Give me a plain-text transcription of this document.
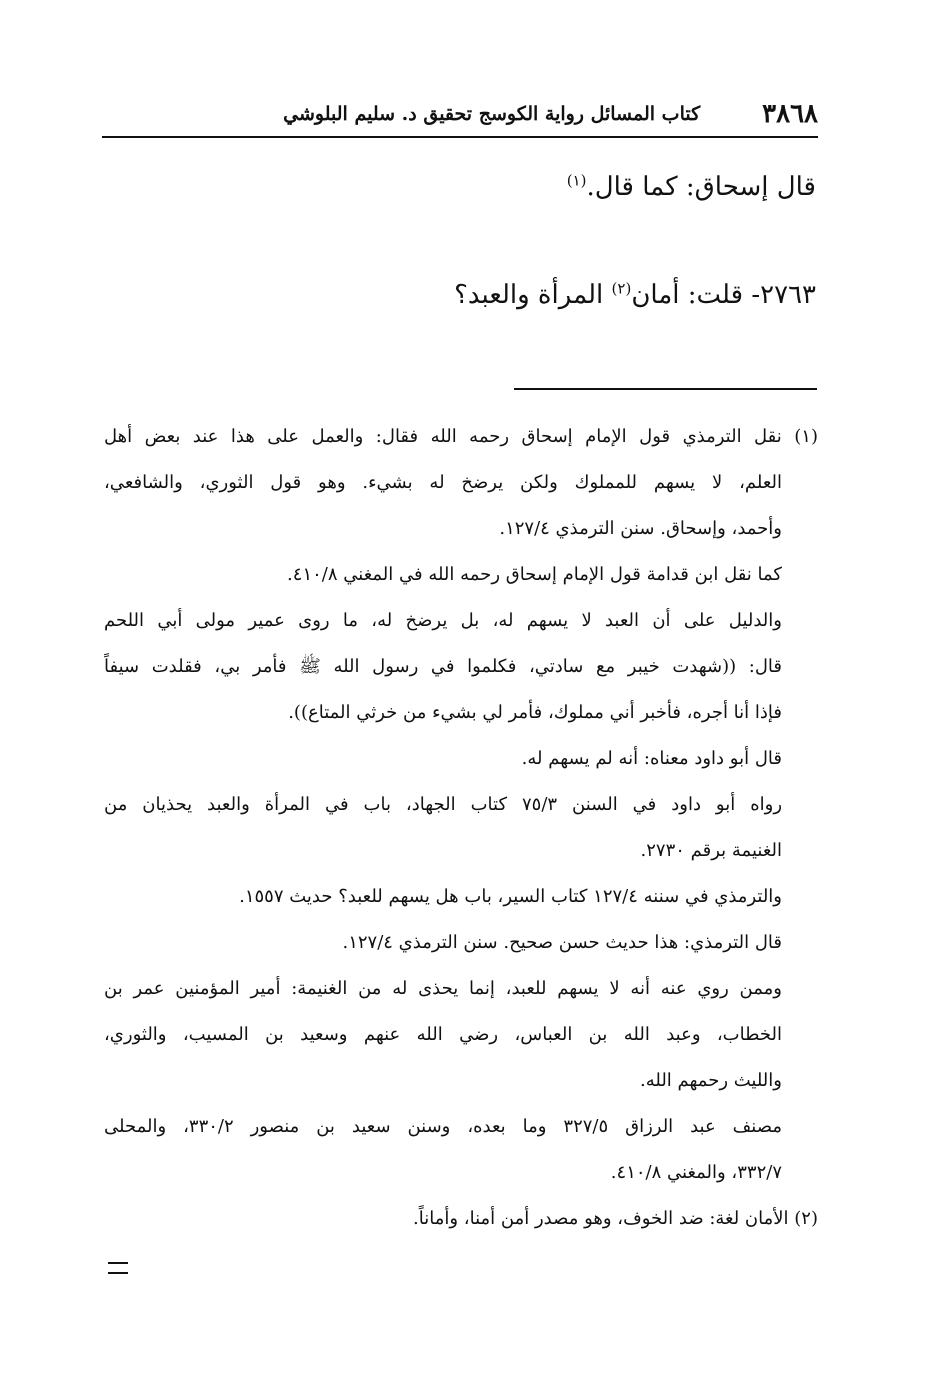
٣٨٦٨
كتاب المسائل رواية الكوسج تحقيق د. سليم البلوشي
قال إسحاق: كما قال.$^{(١)}$
٢٧٦٣- قلت: أمان$^{(٢)}$ المرأة والعبد؟
(١) نقل الترمذي قول الإمام إسحاق رحمه الله فقال: والعمل على هذا عند بعض أهل
العلم، لا يسهم للمملوك ولكن يرضخ له بشيء. وهو قول الثوري، والشافعي،
وأحمد، وإسحاق. سنن الترمذي ١٢٧/٤.
كما نقل ابن قدامة قول الإمام إسحاق رحمه الله في المغني ٤١٠/٨.
والدليل على أن العبد لا يسهم له، بل يرضخ له، ما روى عمير مولى أبي اللحم
قال: ((شهدت خيبر مع سادتي، فكلموا في رسول الله ﷺ فأمر بي، فقلدت سيفاً
فإذا أنا أجره، فأخبر أني مملوك، فأمر لي بشيء من خرثي المتاع)).
قال أبو داود معناه: أنه لم يسهم له.
رواه أبو داود في السنن ٧٥/٣ كتاب الجهاد، باب في المرأة والعبد يحذيان من
الغنيمة برقم ٢٧٣٠.
والترمذي في سننه ١٢٧/٤ كتاب السير، باب هل يسهم للعبد؟ حديث ١٥٥٧.
قال الترمذي: هذا حديث حسن صحيح. سنن الترمذي ١٢٧/٤.
وممن روي عنه أنه لا يسهم للعبد، إنما يحذى له من الغنيمة: أمير المؤمنين عمر بن
الخطاب، وعبد الله بن العباس، رضي الله عنهم وسعيد بن المسيب، والثوري،
والليث رحمهم الله.
مصنف عبد الرزاق ٣٢٧/٥ وما بعده، وسنن سعيد بن منصور ٣٣٠/٢، والمحلى
٣٣٢/٧، والمغني ٤١٠/٨.
(٢) الأمان لغة: ضد الخوف، وهو مصدر أمن أمنا، وأماناً.
